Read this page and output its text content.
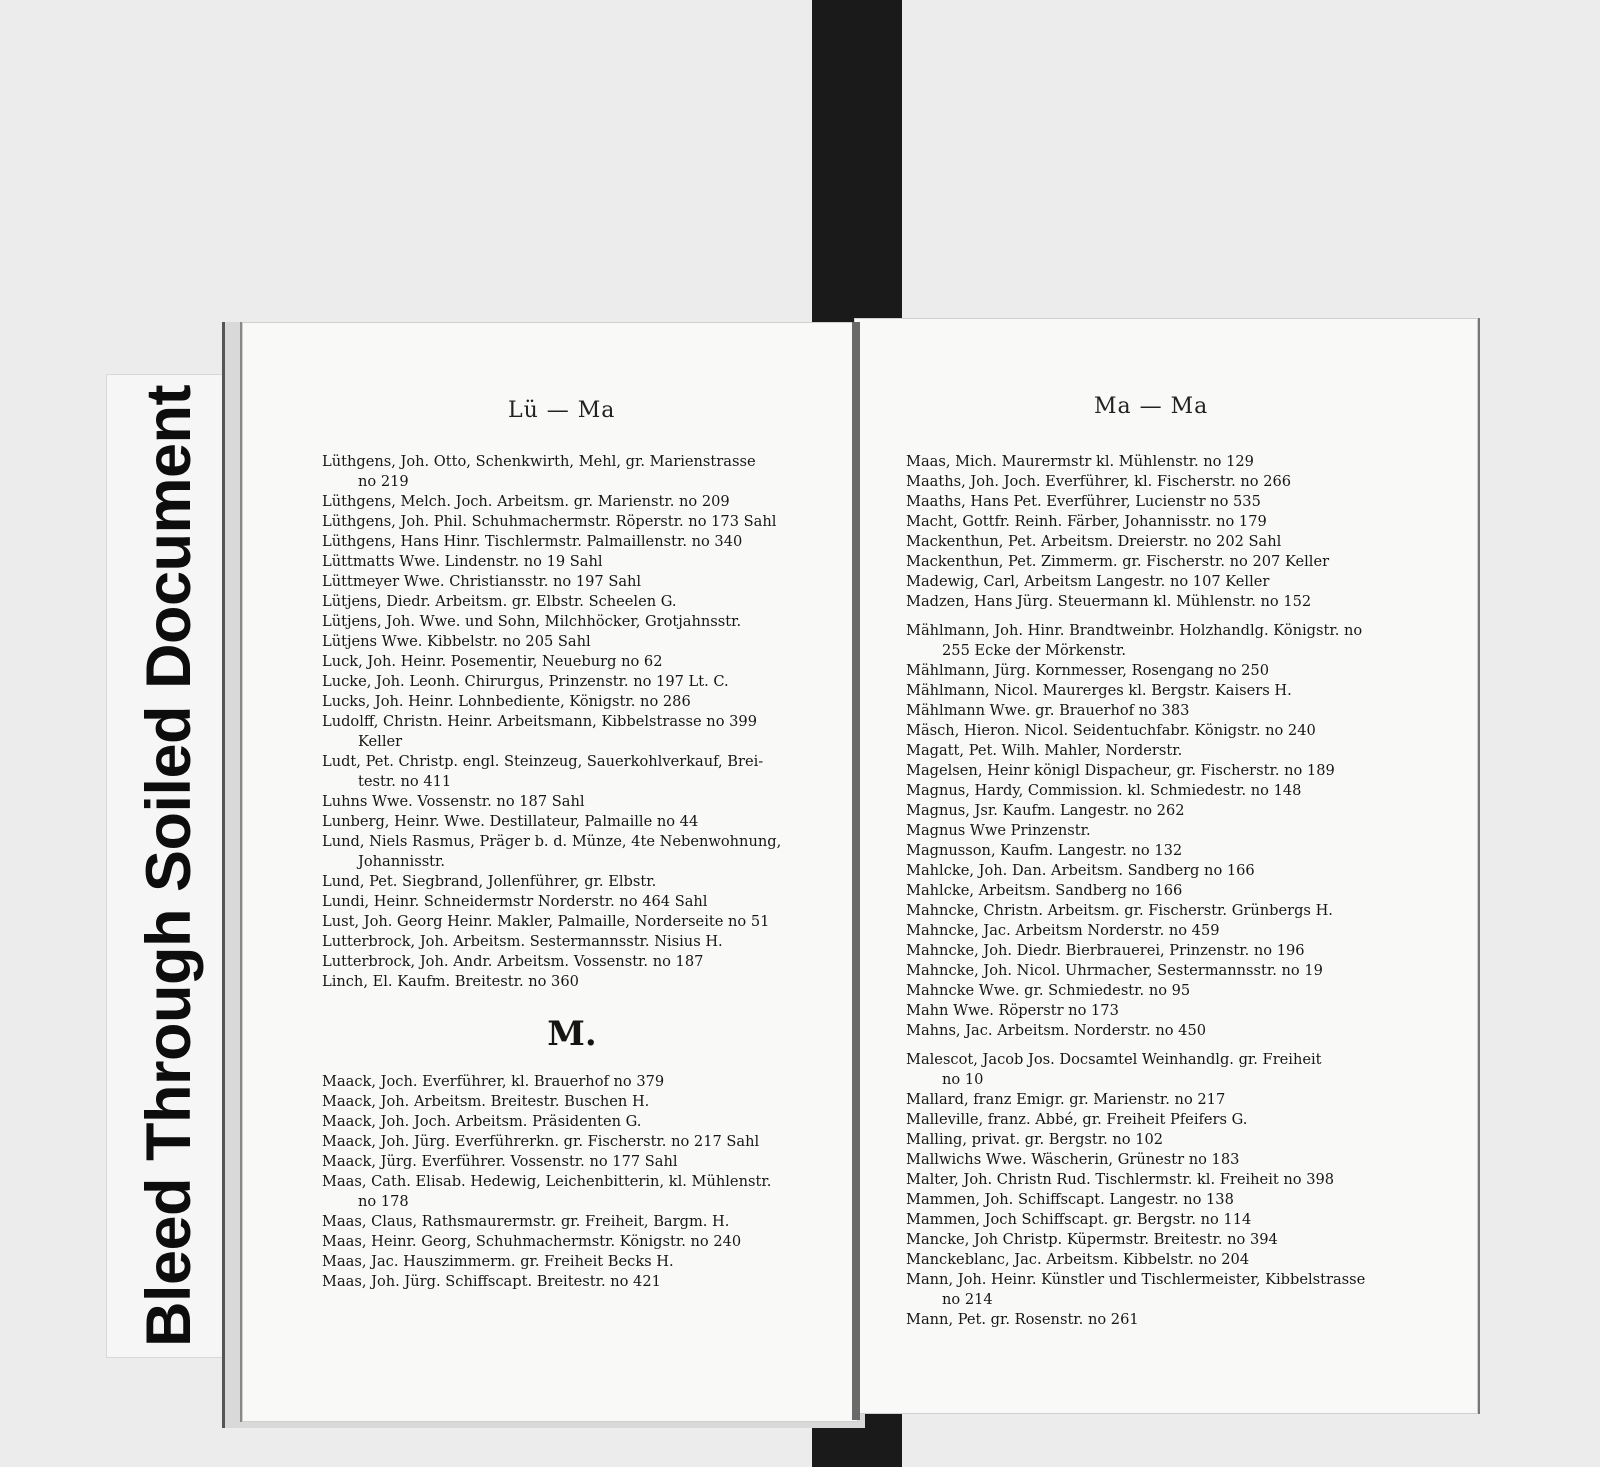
Bleed Through Soiled Document	Lü — Ma	Ma — Ma
Lüthgens, Joh. Otto, Schenkwirth, Mehl, gr. Marienstrasse
no 219
Lüthgens, Melch. Joch. Arbeitsm. gr. Marienstr. no 209
Lüthgens, Joh. Phil. Schuhmachermstr. Röperstr. no 173 Sahl
Lüthgens, Hans Hinr. Tischlermstr. Palmaillenstr. no 340
Lüttmatts Wwe. Lindenstr. no 19 Sahl
Lüttmeyer Wwe. Christiansstr. no 197 Sahl
Lütjens, Diedr. Arbeitsm. gr. Elbstr. Scheelen G.
Lütjens, Joh. Wwe. und Sohn, Milchhöcker, Grotjahnsstr.
Lütjens Wwe. Kibbelstr. no 205 Sahl
Luck, Joh. Heinr. Posementir, Neueburg no 62
Lucke, Joh. Leonh. Chirurgus, Prinzenstr. no 197 Lt. C.
Lucks, Joh. Heinr. Lohnbediente, Königstr. no 286
Ludolff, Christn. Heinr. Arbeitsmann, Kibbelstrasse no 399
Keller
Ludt, Pet. Christp. engl. Steinzeug, Sauerkohlverkauf, Brei-
testr. no 411
Luhns Wwe. Vossenstr. no 187 Sahl
Lunberg, Heinr. Wwe. Destillateur, Palmaille no 44
Lund, Niels Rasmus, Präger b. d. Münze, 4te Nebenwohnung,
Johannisstr.
Lund, Pet. Siegbrand, Jollenführer, gr. Elbstr.
Lundi, Heinr. Schneidermstr Norderstr. no 464 Sahl
Lust, Joh. Georg Heinr. Makler, Palmaille, Norderseite no 51
Lutterbrock, Joh. Arbeitsm. Sestermannsstr. Nisius H.
Lutterbrock, Joh. Andr. Arbeitsm. Vossenstr. no 187
Linch, El. Kaufm. Breitestr. no 360
M.
Maack, Joch. Everführer, kl. Brauerhof no 379
Maack, Joh. Arbeitsm. Breitestr. Buschen H.
Maack, Joh. Joch. Arbeitsm. Präsidenten G.
Maack, Joh. Jürg. Everführerkn. gr. Fischerstr. no 217 Sahl
Maack, Jürg. Everführer. Vossenstr. no 177 Sahl
Maas, Cath. Elisab. Hedewig, Leichenbitterin, kl. Mühlenstr.
no 178
Maas, Claus, Rathsmaurermstr. gr. Freiheit, Bargm. H.
Maas, Heinr. Georg, Schuhmachermstr. Königstr. no 240
Maas, Jac. Hauszimmerm. gr. Freiheit Becks H.
Maas, Joh. Jürg. Schiffscapt. Breitestr. no 421
Maas, Mich. Maurermstr kl. Mühlenstr. no 129
Maaths, Joh. Joch. Everführer, kl. Fischerstr. no 266
Maaths, Hans Pet. Everführer, Lucienstr no 535
Macht, Gottfr. Reinh. Färber, Johannisstr. no 179
Mackenthun, Pet. Arbeitsm. Dreierstr. no 202 Sahl
Mackenthun, Pet. Zimmerm. gr. Fischerstr. no 207 Keller
Madewig, Carl, Arbeitsm Langestr. no 107 Keller
Madzen, Hans Jürg. Steuermann kl. Mühlenstr. no 152
Mählmann, Joh. Hinr. Brandtweinbr. Holzhandlg. Königstr. no
255 Ecke der Mörkenstr.
Mählmann, Jürg. Kornmesser, Rosengang no 250
Mählmann, Nicol. Maurerges kl. Bergstr. Kaisers H.
Mählmann Wwe. gr. Brauerhof no 383
Mäsch, Hieron. Nicol. Seidentuchfabr. Königstr. no 240
Magatt, Pet. Wilh. Mahler, Norderstr.
Magelsen, Heinr königl Dispacheur, gr. Fischerstr. no 189
Magnus, Hardy, Commission. kl. Schmiedestr. no 148
Magnus, Jsr. Kaufm. Langestr. no 262
Magnus Wwe Prinzenstr.
Magnusson, Kaufm. Langestr. no 132
Mahlcke, Joh. Dan. Arbeitsm. Sandberg no 166
Mahlcke, Arbeitsm. Sandberg no 166
Mahncke, Christn. Arbeitsm. gr. Fischerstr. Grünbergs H.
Mahncke, Jac. Arbeitsm Norderstr. no 459
Mahncke, Joh. Diedr. Bierbrauerei, Prinzenstr. no 196
Mahncke, Joh. Nicol. Uhrmacher, Sestermannsstr. no 19
Mahncke Wwe. gr. Schmiedestr. no 95
Mahn Wwe. Röperstr no 173
Mahns, Jac. Arbeitsm. Norderstr. no 450
Malescot, Jacob Jos. Docsamtel Weinhandlg. gr. Freiheit
no 10
Mallard, franz Emigr. gr. Marienstr. no 217
Malleville, franz. Abbé, gr. Freiheit Pfeifers G.
Malling, privat. gr. Bergstr. no 102
Mallwichs Wwe. Wäscherin, Grünestr no 183
Malter, Joh. Christn Rud. Tischlermstr. kl. Freiheit no 398
Mammen, Joh. Schiffscapt. Langestr. no 138
Mammen, Joch Schiffscapt. gr. Bergstr. no 114
Mancke, Joh Christp. Küpermstr. Breitestr. no 394
Manckeblanc, Jac. Arbeitsm. Kibbelstr. no 204
Mann, Joh. Heinr. Künstler und Tischlermeister, Kibbelstrasse
no 214
Mann, Pet. gr. Rosenstr. no 261
